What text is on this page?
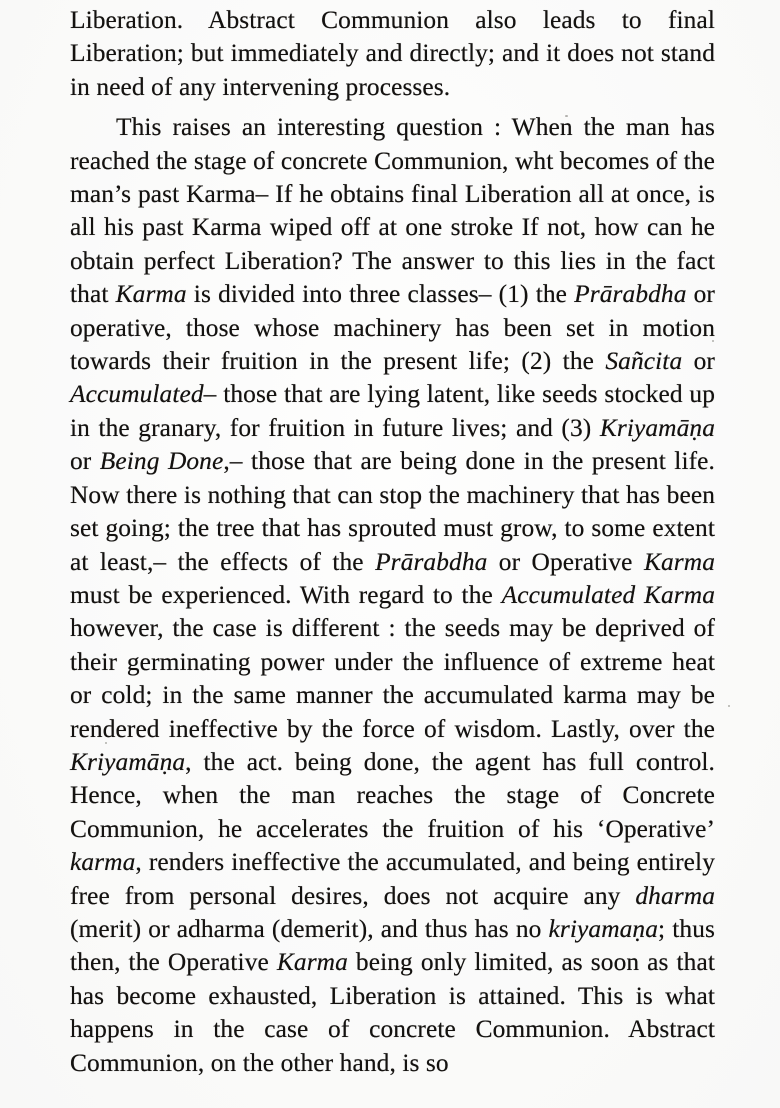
Liberation. Abstract Communion also leads to final Liberation; but immediately and directly; and it does not stand in need of any intervening processes.

This raises an interesting question : When the man has reached the stage of concrete Communion, wht becomes of the man’s past Karma– If he obtains final Liberation all at once, is all his past Karma wiped off at one stroke If not, how can he obtain perfect Liberation? The answer to this lies in the fact that Karma is divided into three classes– (1) the Prārabdha or operative, those whose machinery has been set in motion towards their fruition in the present life; (2) the Sañcita or Accumulated– those that are lying latent, like seeds stocked up in the granary, for fruition in future lives; and (3) Kriyamāṇa or Being Done,– those that are being done in the present life. Now there is nothing that can stop the machinery that has been set going; the tree that has sprouted must grow, to some extent at least,– the effects of the Prārabdha or Operative Karma must be experienced. With regard to the Accumulated Karma however, the case is different : the seeds may be deprived of their germinating power under the influence of extreme heat or cold; in the same manner the accumulated karma may be rendered ineffective by the force of wisdom. Lastly, over the Kriyamāṇa, the act. being done, the agent has full control. Hence, when the man reaches the stage of Concrete Communion, he accelerates the fruition of his ‘Operative’ karma, renders ineffective the accumulated, and being entirely free from personal desires, does not acquire any dharma (merit) or adharma (demerit), and thus has no kriyamaṇa; thus then, the Operative Karma being only limited, as soon as that has become exhausted, Liberation is attained. This is what happens in the case of concrete Communion. Abstract Communion, on the other hand, is so
